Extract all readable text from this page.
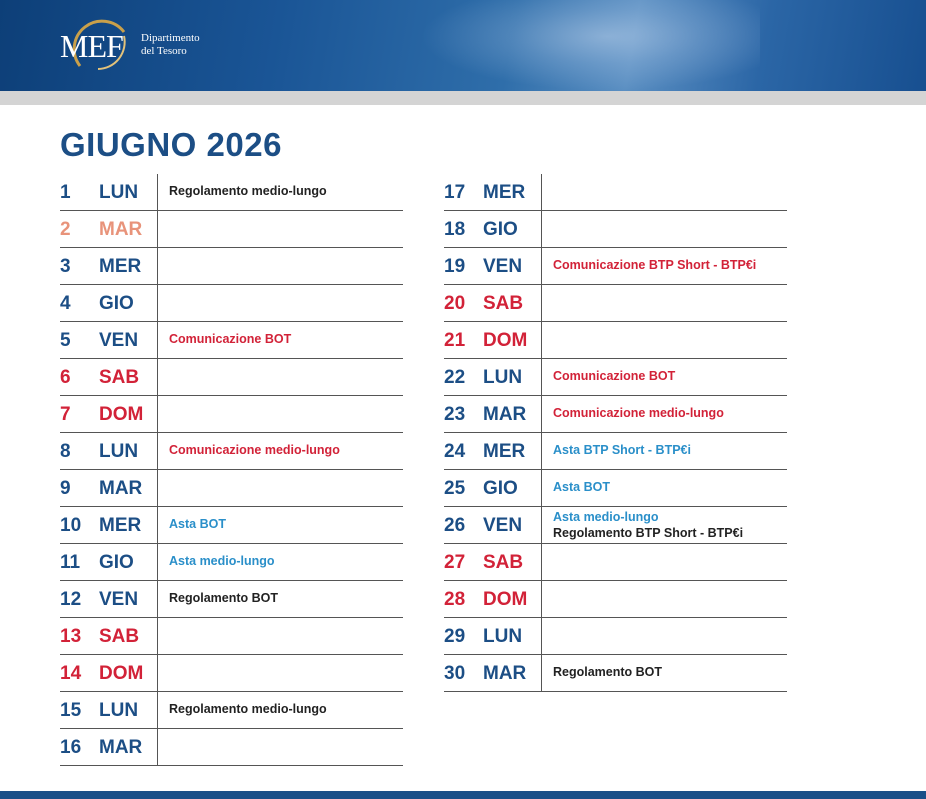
MEF Dipartimento
del Tesoro
GIUGNO 2026
1	LUN	Regolamento medio-lungo
2	MAR
3	MER
4	GIO
5	VEN	Comunicazione BOT
6	SAB
7	DOM
8	LUN	Comunicazione medio-lungo
9	MAR
10 MER	Asta BOT
11 GIO	Asta medio-lungo
12 VEN	Regolamento BOT
13 SAB
14 DOM
15 LUN	Regolamento medio-lungo
16 MAR
17 MER
18 GIO
19 VEN	Comunicazione BTP Short - BTP€i
20 SAB
21 DOM
22 LUN	Comunicazione BOT
23 MAR	Comunicazione medio-lungo
24 MER	Asta BTP Short - BTP€i
25 GIO	Asta BOT
26 VEN	Asta medio-lungo
Regolamento BTP Short - BTP€i
27 SAB
28 DOM
29 LUN
30 MAR	Regolamento BOT
